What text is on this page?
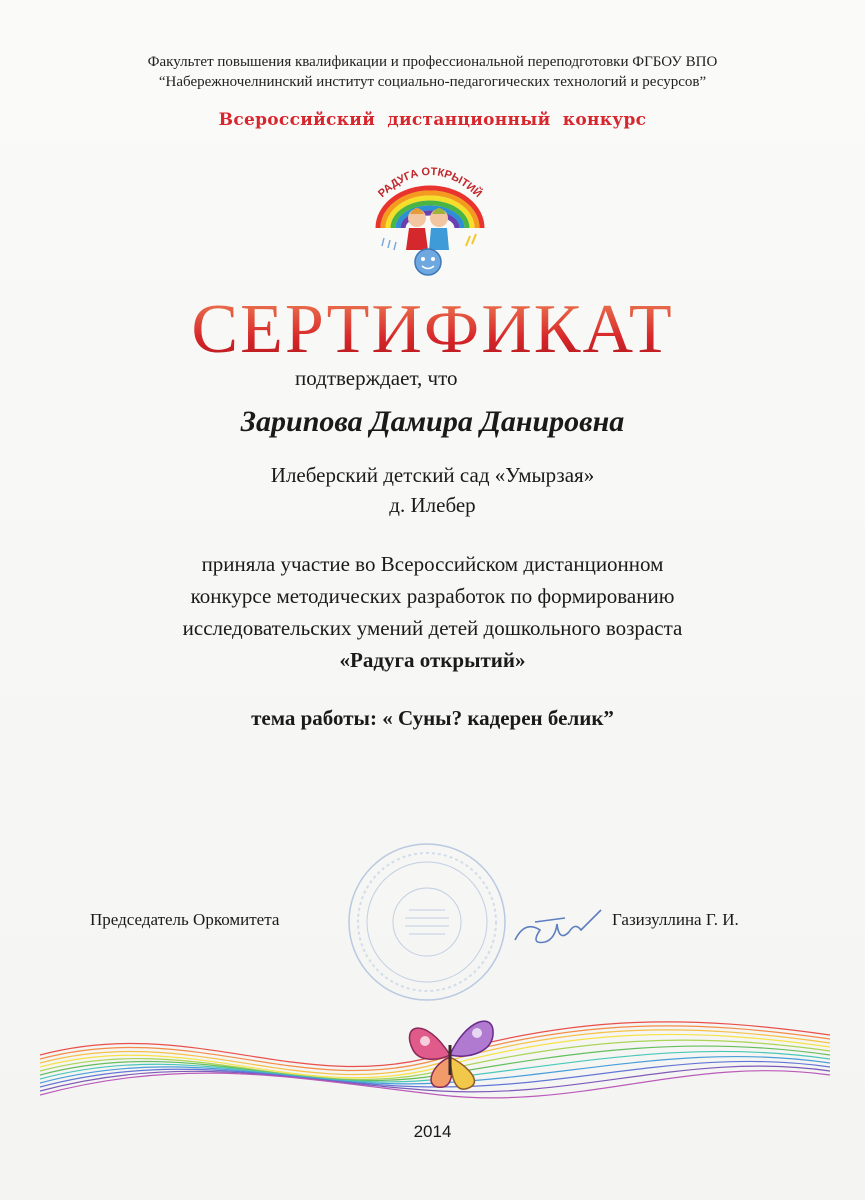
Факультет повышения квалификации и профессиональной переподготовки ФГБОУ ВПО
“Набережночелнинский институт социально-педагогических технологий и ресурсов”
Всероссийский дистанционный конкурс
РАДУГА ОТКРЫТИЙ
СЕРТИФИКАТ
подтверждает, что
Зарипова Дамира Данировна
Илеберский детский сад «Умырзая»
д. Илебер
приняла участие во Всероссийском дистанционном
конкурсе методических разработок по формированию
исследовательских умений детей дошкольного возраста
«Радуга открытий»
тема работы: « Суны? кадерен белик”
Председатель Оркомитета	Газизуллина Г. И.
2014
